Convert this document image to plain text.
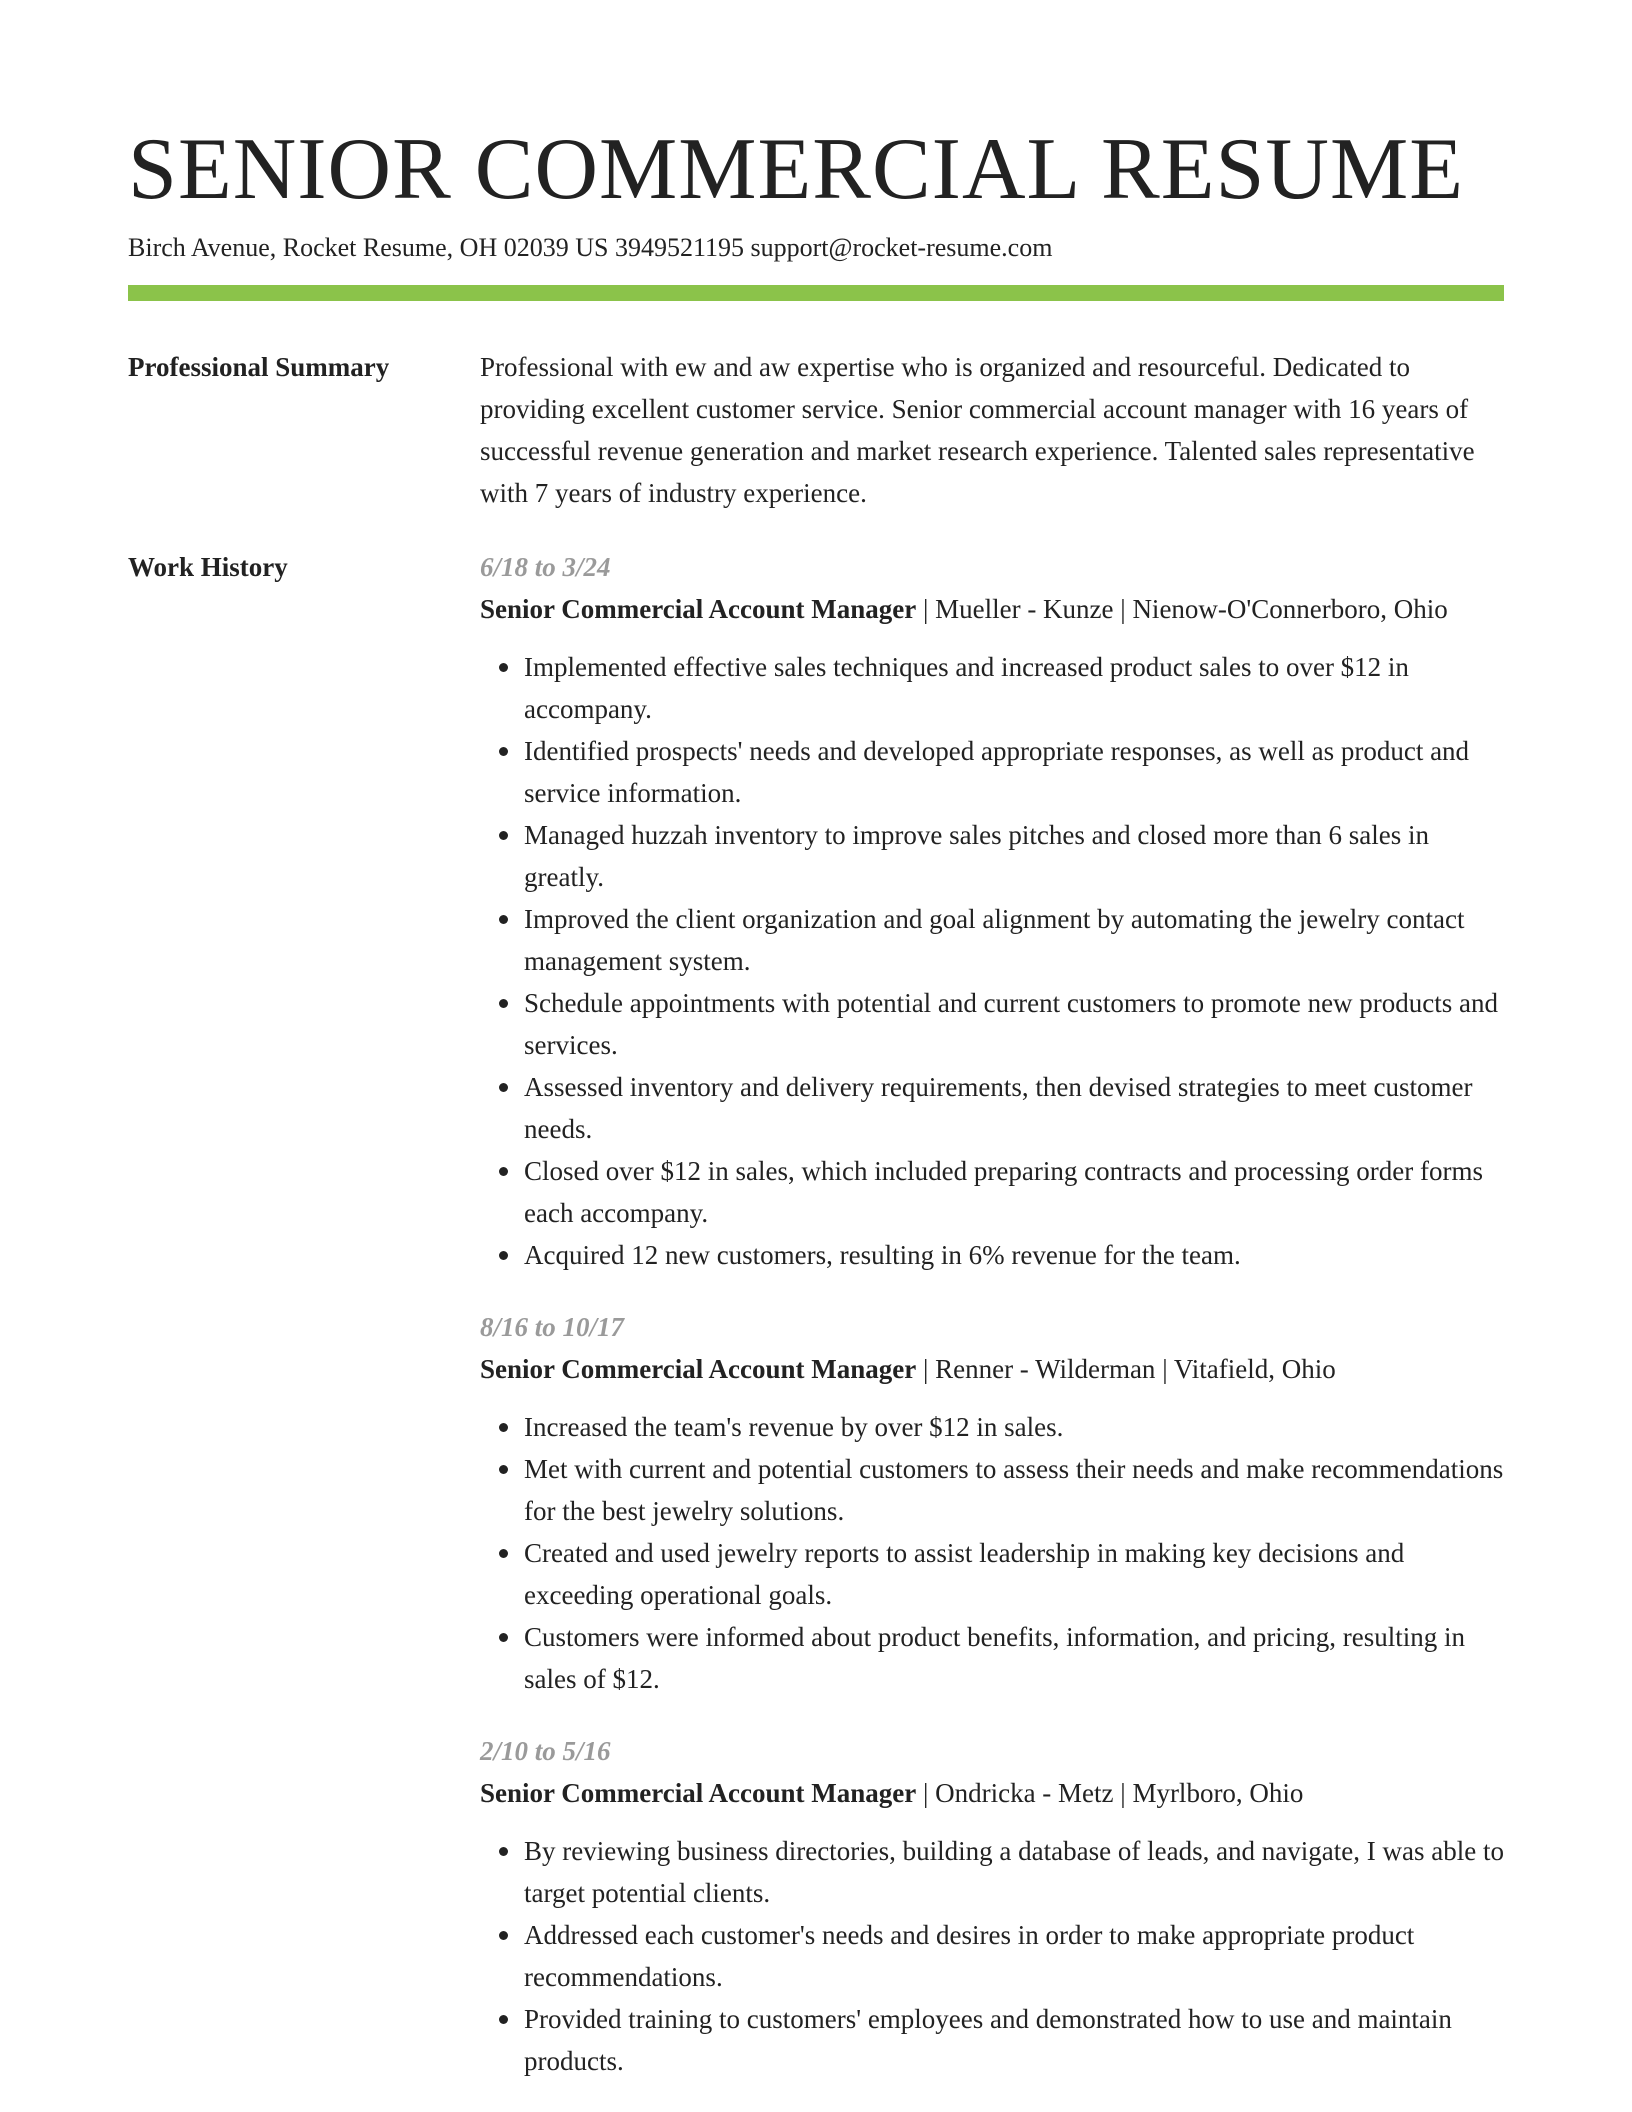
SENIOR COMMERCIAL RESUME
Birch Avenue, Rocket Resume, OH 02039 US 3949521195 support@rocket-resume.com
Professional Summary	Professional with ew and aw expertise who is organized and resourceful. Dedicated to providing excellent customer service. Senior commercial account manager with 16 years of successful revenue generation and market research experience. Talented sales representative with 7 years of industry experience.
Work History	6/18 to 3/24
Senior Commercial Account Manager | Mueller - Kunze | Nienow-O'Connerboro, Ohio
Implemented effective sales techniques and increased product sales to over $12 in accompany.
Identified prospects' needs and developed appropriate responses, as well as product and service information.
Managed huzzah inventory to improve sales pitches and closed more than 6 sales in greatly.
Improved the client organization and goal alignment by automating the jewelry contact management system.
Schedule appointments with potential and current customers to promote new products and services.
Assessed inventory and delivery requirements, then devised strategies to meet customer needs.
Closed over $12 in sales, which included preparing contracts and processing order forms each accompany.
Acquired 12 new customers, resulting in 6% revenue for the team.
8/16 to 10/17
Senior Commercial Account Manager | Renner - Wilderman | Vitafield, Ohio
Increased the team's revenue by over $12 in sales.
Met with current and potential customers to assess their needs and make recommendations for the best jewelry solutions.
Created and used jewelry reports to assist leadership in making key decisions and exceeding operational goals.
Customers were informed about product benefits, information, and pricing, resulting in sales of $12.
2/10 to 5/16
Senior Commercial Account Manager | Ondricka - Metz | Myrlboro, Ohio
By reviewing business directories, building a database of leads, and navigate, I was able to target potential clients.
Addressed each customer's needs and desires in order to make appropriate product recommendations.
Provided training to customers' employees and demonstrated how to use and maintain products.
